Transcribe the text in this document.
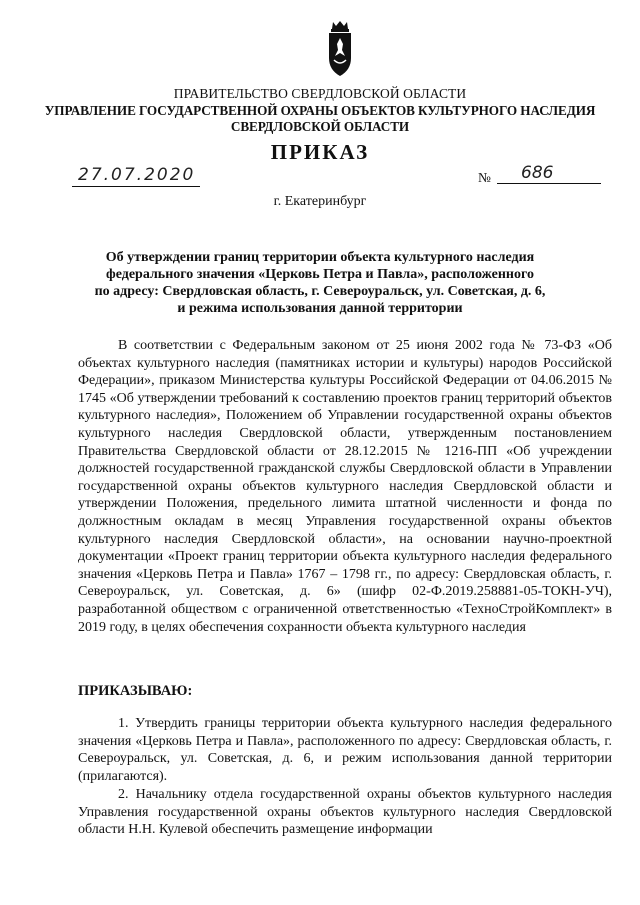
ПРАВИТЕЛЬСТВО СВЕРДЛОВСКОЙ ОБЛАСТИ
УПРАВЛЕНИЕ ГОСУДАРСТВЕННОЙ ОХРАНЫ ОБЪЕКТОВ КУЛЬТУРНОГО НАСЛЕДИЯ
СВЕРДЛОВСКОЙ ОБЛАСТИ
ПРИКАЗ
27.07.2020	№	686
г. Екатеринбург
Об утверждении границ территории объекта культурного наследия
федерального значения «Церковь Петра и Павла», расположенного
по адресу: Свердловская область, г. Североуральск, ул. Советская, д. 6,
и режима использования данной территории

В соответствии с Федеральным законом от 25 июня 2002 года № 73-ФЗ «Об объектах культурного наследия (памятниках истории и культуры) народов Российской Федерации», приказом Министерства культуры Российской Федерации от 04.06.2015 № 1745 «Об утверждении требований к составлению проектов границ территорий объектов культурного наследия», Положением об Управлении государственной охраны объектов культурного наследия Свердловской области, утвержденным постановлением Правительства Свердловской области от 28.12.2015 № 1216-ПП «Об учреждении должностей государственной гражданской службы Свердловской области в Управлении государственной охраны объектов культурного наследия Свердловской области и утверждении Положения, предельного лимита штатной численности и фонда по должностным окладам в месяц Управления государственной охраны объектов культурного наследия Свердловской области», на основании научно-проектной документации «Проект границ территории объекта культурного наследия федерального значения «Церковь Петра и Павла» 1767 – 1798 гг., по адресу: Свердловская область, г. Североуральск, ул. Советская, д. 6» (шифр 02-Ф.2019.258881-05-ТОКН-УЧ), разработанной обществом с ограниченной ответственностью «ТехноСтройКомплект» в 2019 году, в целях обеспечения сохранности объекта культурного наследия

ПРИКАЗЫВАЮ:

1. Утвердить границы территории объекта культурного наследия федерального значения «Церковь Петра и Павла», расположенного по адресу: Свердловская область, г. Североуральск, ул. Советская, д. 6, и режим использования данной территории (прилагаются).

2. Начальнику отдела государственной охраны объектов культурного наследия Управления государственной охраны объектов культурного наследия Свердловской области Н.Н. Кулевой обеспечить размещение информации
